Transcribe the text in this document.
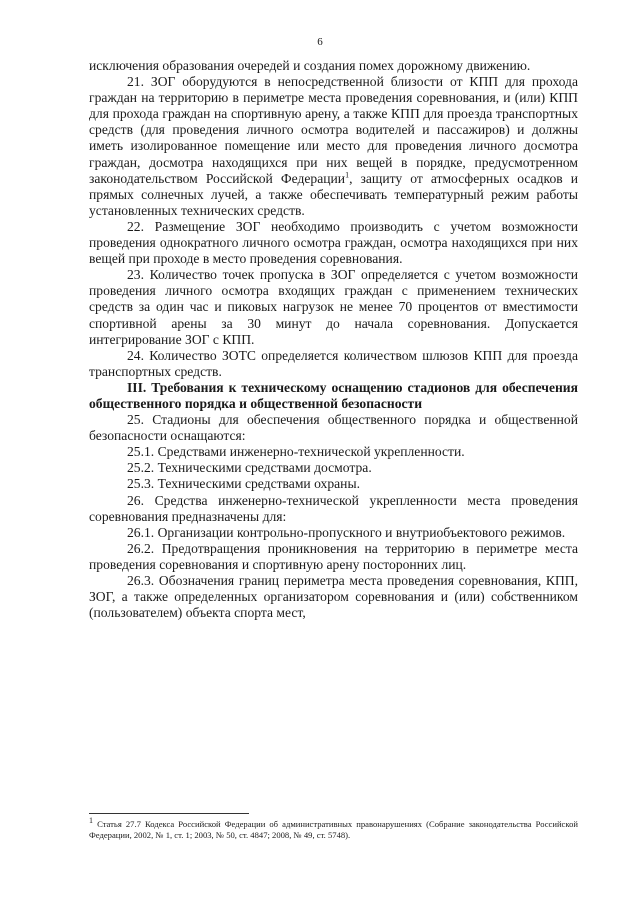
6

исключения образования очередей и создания помех дорожному движению.

21. ЗОГ оборудуются в непосредственной близости от КПП для прохода граждан на территорию в периметре места проведения соревнования, и (или) КПП для прохода граждан на спортивную арену, а также КПП для проезда транспортных средств (для проведения личного осмотра водителей и пассажиров) и должны иметь изолированное помещение или место для проведения личного досмотра граждан, досмотра находящихся при них вещей в порядке, предусмотренном законодательством Российской Федерации$^1$, защиту от атмосферных осадков и прямых солнечных лучей, а также обеспечивать температурный режим работы установленных технических средств.

22. Размещение ЗОГ необходимо производить с учетом возможности проведения однократного личного осмотра граждан, осмотра находящихся при них вещей при проходе в место проведения соревнования.

23. Количество точек пропуска в ЗОГ определяется с учетом возможности проведения личного осмотра входящих граждан с применением технических средств за один час и пиковых нагрузок не менее 70 процентов от вместимости спортивной арены за 30 минут до начала соревнования. Допускается интегрирование ЗОГ с КПП.

24. Количество ЗОТС определяется количеством шлюзов КПП для проезда транспортных средств.

III. Требования к техническому оснащению стадионов для обеспечения общественного порядка и общественной безопасности

25. Стадионы для обеспечения общественного порядка и общественной безопасности оснащаются:

25.1. Средствами инженерно-технической укрепленности.

25.2. Техническими средствами досмотра.

25.3. Техническими средствами охраны.

26. Средства инженерно-технической укрепленности места проведения соревнования предназначены для:

26.1. Организации контрольно-пропускного и внутриобъектового режимов.

26.2. Предотвращения проникновения на территорию в периметре места проведения соревнования и спортивную арену посторонних лиц.

26.3. Обозначения границ периметра места проведения соревнования, КПП, ЗОГ, а также определенных организатором соревнования и (или) собственником (пользователем) объекта спорта мест,

$^1$ Статья 27.7 Кодекса Российской Федерации об административных правонарушениях (Собрание законодательства Российской Федерации, 2002, № 1, ст. 1; 2003, № 50, ст. 4847; 2008, № 49, ст. 5748).
